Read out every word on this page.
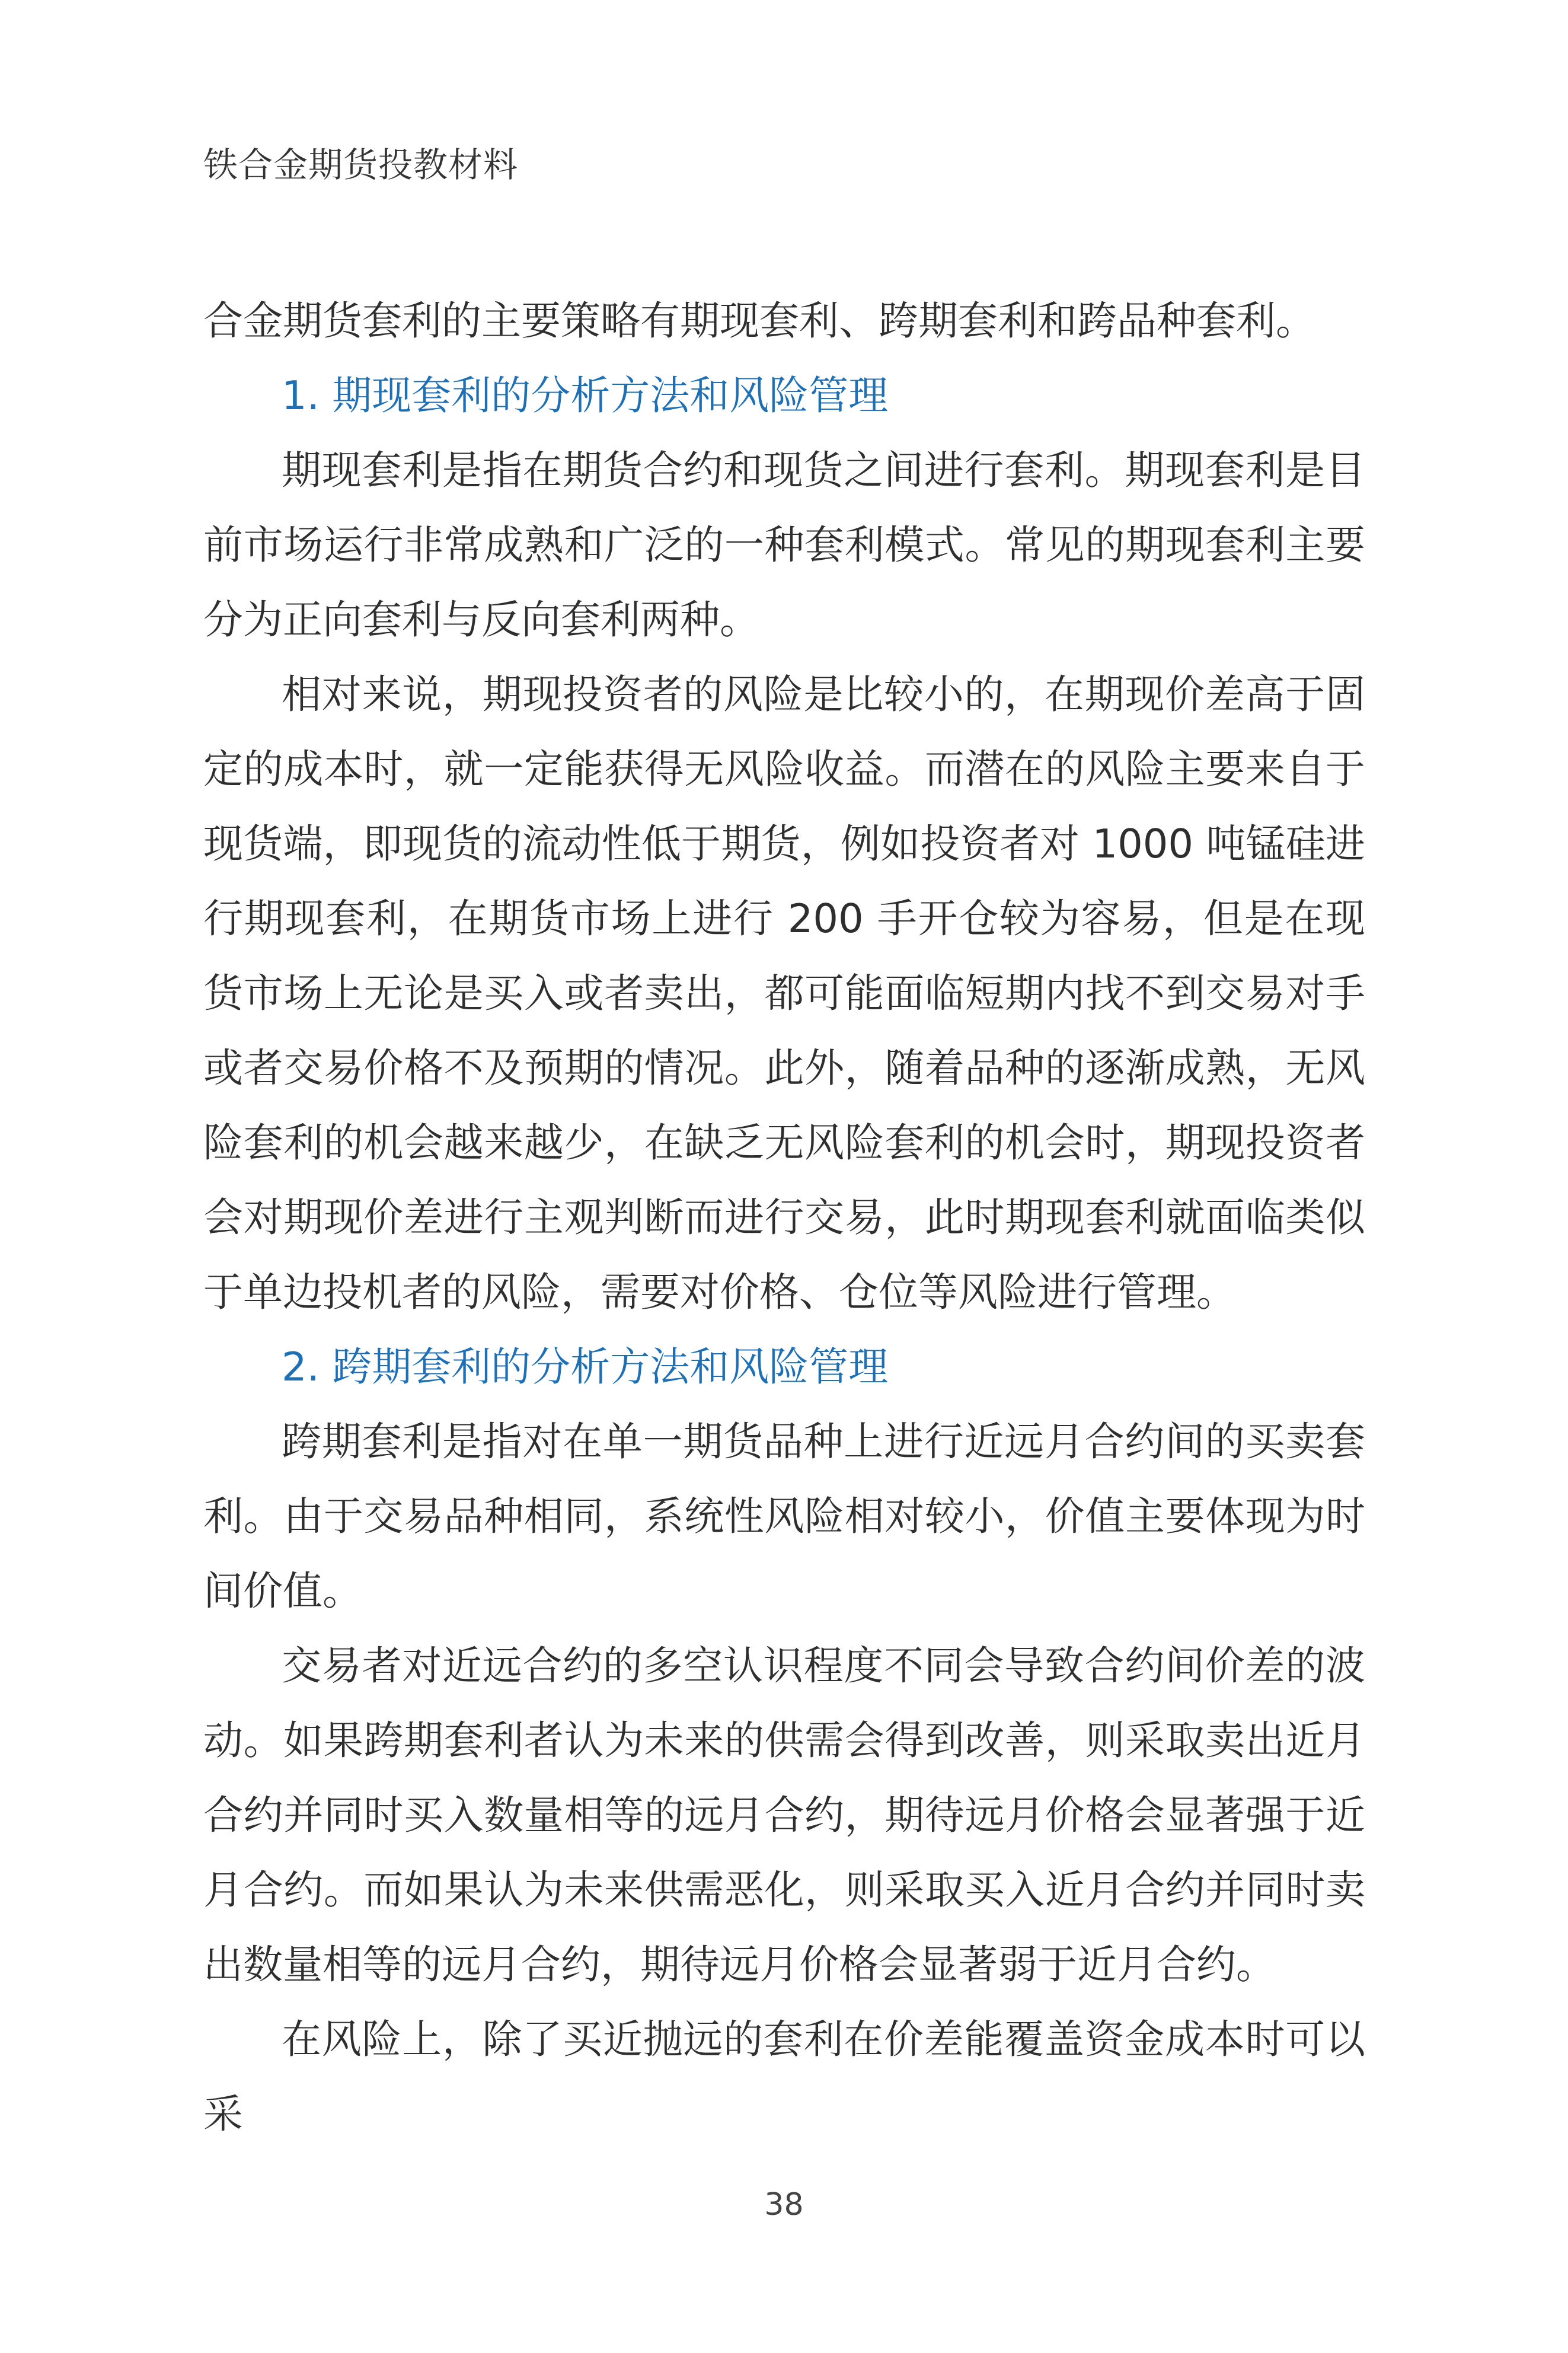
铁合金期货投教材料

合金期货套利的主要策略有期现套利、跨期套利和跨品种套利。

1. 期现套利的分析方法和风险管理

期现套利是指在期货合约和现货之间进行套利。期现套利是目前市场运行非常成熟和广泛的一种套利模式。常见的期现套利主要分为正向套利与反向套利两种。

相对来说，期现投资者的风险是比较小的，在期现价差高于固定的成本时，就一定能获得无风险收益。而潜在的风险主要来自于现货端，即现货的流动性低于期货，例如投资者对 1000 吨锰硅进行期现套利，在期货市场上进行 200 手开仓较为容易，但是在现货市场上无论是买入或者卖出，都可能面临短期内找不到交易对手或者交易价格不及预期的情况。此外，随着品种的逐渐成熟，无风险套利的机会越来越少，在缺乏无风险套利的机会时，期现投资者会对期现价差进行主观判断而进行交易，此时期现套利就面临类似于单边投机者的风险，需要对价格、仓位等风险进行管理。

2. 跨期套利的分析方法和风险管理

跨期套利是指对在单一期货品种上进行近远月合约间的买卖套利。由于交易品种相同，系统性风险相对较小，价值主要体现为时间价值。

交易者对近远合约的多空认识程度不同会导致合约间价差的波动。如果跨期套利者认为未来的供需会得到改善，则采取卖出近月合约并同时买入数量相等的远月合约，期待远月价格会显著强于近月合约。而如果认为未来供需恶化，则采取买入近月合约并同时卖出数量相等的远月合约，期待远月价格会显著弱于近月合约。

在风险上，除了买近抛远的套利在价差能覆盖资金成本时可以采

38
